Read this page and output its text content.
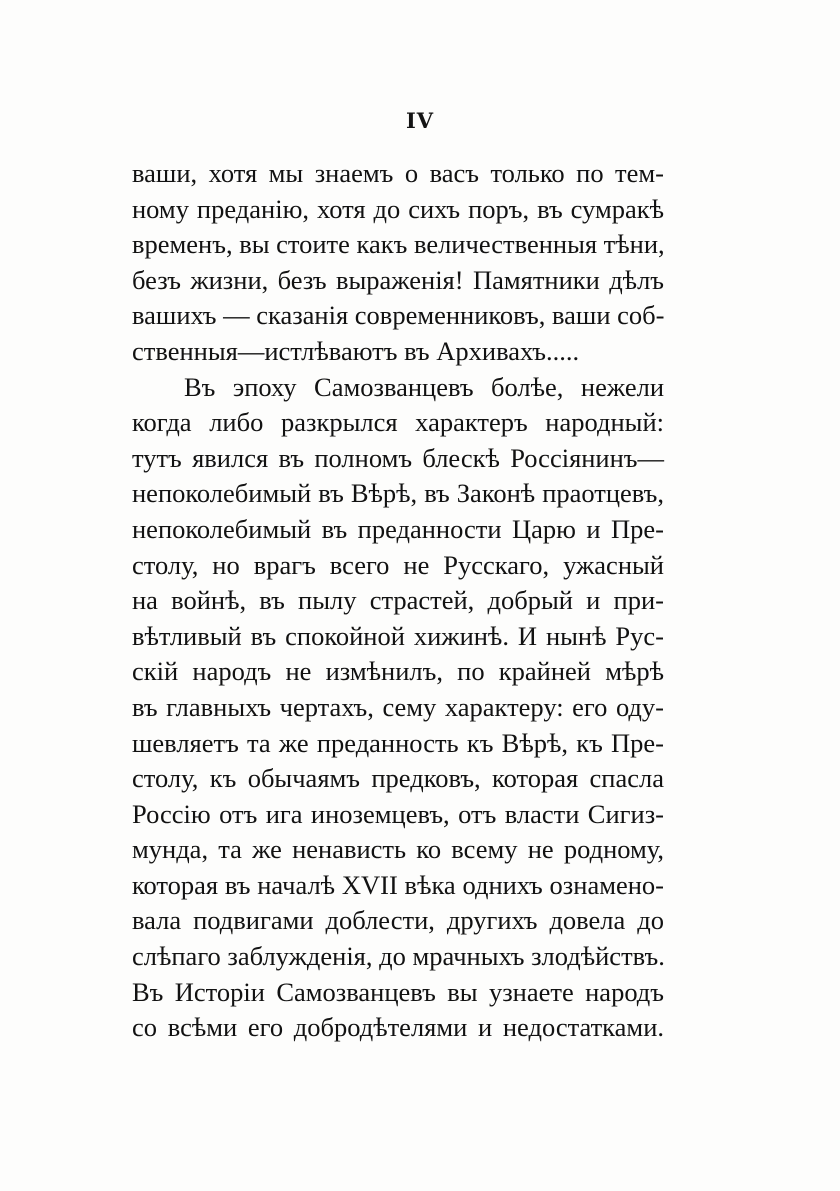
IV
ваши, хотя мы знаемъ о васъ только по тем-
ному преданію, хотя до сихъ поръ, въ сумракѣ
временъ, вы стоите какъ величественныя тѣни,
безъ жизни, безъ выраженія! Памятники дѣлъ
вашихъ — сказанія современниковъ, ваши соб-
ственныя—истлѣваютъ въ Архивахъ.....
Въ эпоху Самозванцевъ болѣе, нежели
когда либо разкрылся характеръ народный:
тутъ явился въ полномъ блескѣ Россіянинъ—
непоколебимый въ Вѣрѣ, въ Законѣ праотцевъ,
непоколебимый въ преданности Царю и Пре-
столу, но врагъ всего не Русскаго, ужасный
на войнѣ, въ пылу страстей, добрый и при-
вѣтливый въ спокойной хижинѣ. И нынѣ Рус-
скій народъ не измѣнилъ, по крайней мѣрѣ
въ главныхъ чертахъ, сему характеру: его оду-
шевляетъ та же преданность къ Вѣрѣ, къ Пре-
столу, къ обычаямъ предковъ, которая спасла
Россію отъ ига иноземцевъ, отъ власти Сигиз-
мунда, та же ненависть ко всему не родному,
которая въ началѣ XVII вѣка однихъ ознамено-
вала подвигами доблести, другихъ довела до
слѣпаго заблужденія, до мрачныхъ злодѣйствъ.
Въ Исторіи Самозванцевъ вы узнаете народъ
со всѣми его добродѣтелями и недостатками.
